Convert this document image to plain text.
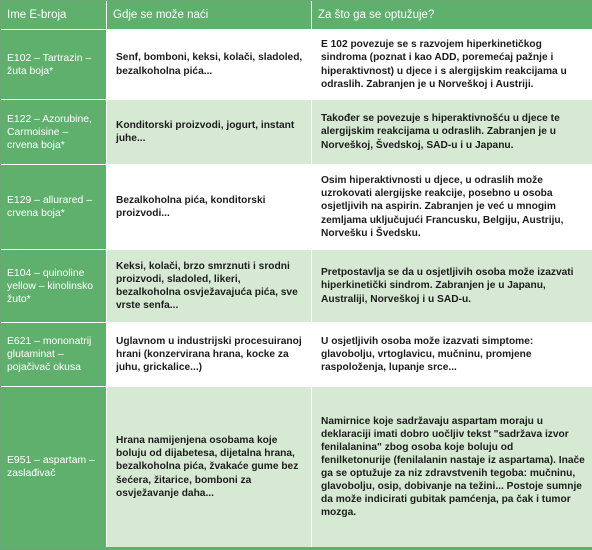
Ime E-broja	Gdje se može naći	Za što ga se optužuje?
E102 – Tartrazin – žuta boja*	Senf, bomboni, keksi, kolači, sladoled, bezalkoholna pića...	E 102 povezuje se s razvojem hiperkinetičkog sindroma (poznat i kao ADD, poremećaj pažnje i hiperaktivnost) u djece i s alergijskim reakcijama u odraslih. Zabranjen je u Norveškoj i Austriji.
E122 – Azorubine, Carmoisine – crvena boja*	Konditorski proizvodi, jogurt, instant juhe...	Također se povezuje s hiperaktivnošću u djece te alergijskim reakcijama u odraslih. Zabranjen je u Norveškoj, Švedskoj, SAD-u i u Japanu.
E129 – allurared – crvena boja*	Bezalkoholna pića, konditorski proizvodi...	Osim hiperaktivnosti u djece, u odraslih može uzrokovati alergijske reakcije, posebno u osoba osjetljivih na aspirin. Zabranjen je već u mnogim zemljama uključujući Francusku, Belgiju, Austriju, Norvešku i Švedsku.
E104 – quinoline yellow – kinolinsko žuto*	Keksi, kolači, brzo smrznuti i srodni proizvodi, sladoled, likeri, bezalkoholna osvježavajuća pića, sve vrste senfa...	Pretpostavlja se da u osjetljivih osoba može izazvati hiperkinetički sindrom. Zabranjen je u Japanu, Australiji, Norveškoj i u SAD-u.
E621 – mononatrij glutaminat – pojačivač okusa	Uglavnom u industrijski procesuiranoj hrani (konzervirana hrana, kocke za juhu, grickalice...)	U osjetljivih osoba može izazvati simptome: glavobolju, vrtoglavicu, mučninu, promjene raspoloženja, lupanje srce...
E951 – aspartam – zaslađivač	Hrana namijenjena osobama koje boluju od dijabetesa, dijetalna hrana, bezalkoholna pića, žvakaće gume bez šećera, žitarice, bomboni za osvježavanje daha...	Namirnice koje sadržavaju aspartam moraju u deklaraciji imati dobro uočljiv tekst "sadržava izvor fenilalanina" zbog osoba koje boluju od fenilketonurije (fenilalanin nastaje iz aspartama). Inače ga se optužuje za niz zdravstvenih tegoba: mučninu, glavobolju, osip, dobivanje na težini... Postoje sumnje da može indicirati gubitak pamćenja, pa čak i tumor mozga.
